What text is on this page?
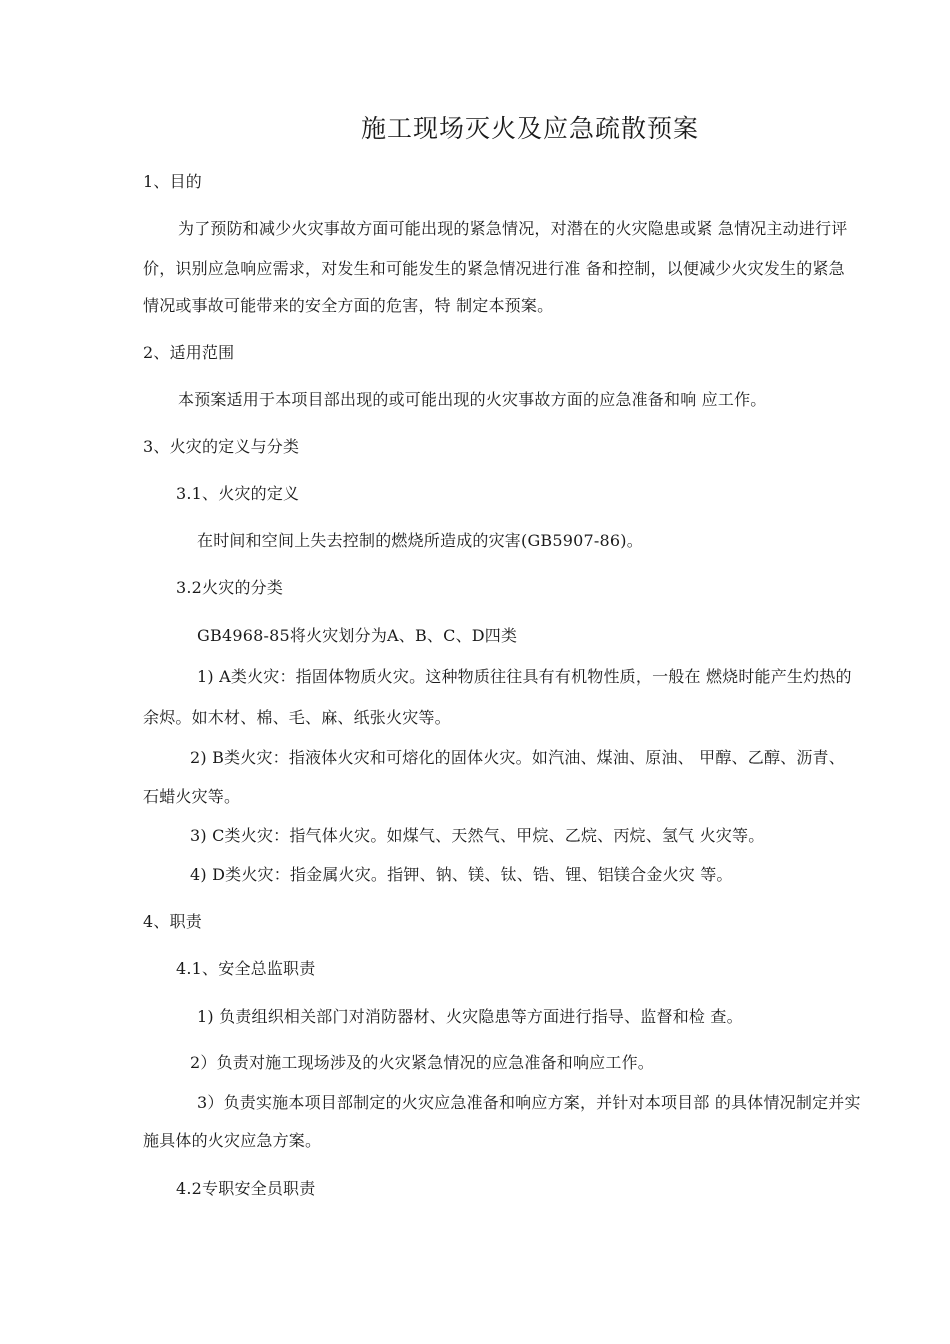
施工现场灭火及应急疏散预案
1、目的
为了预防和减少火灾事故方面可能出现的紧急情况，对潜在的火灾隐患或紧 急情况主动进行评
价，识别应急响应需求，对发生和可能发生的紧急情况进行准 备和控制，以便减少火灾发生的紧急
情况或事故可能带来的安全方面的危害，特 制定本预案。
2、适用范围
本预案适用于本项目部出现的或可能出现的火灾事故方面的应急准备和响 应工作。
3、火灾的定义与分类
3.1、火灾的定义
在时间和空间上失去控制的燃烧所造成的灾害(GB5907-86)。
3.2火灾的分类
GB4968-85将火灾划分为A、B、C、D四类
1) A类火灾：指固体物质火灾。这种物质往往具有有机物性质，一般在 燃烧时能产生灼热的
余烬。如木材、棉、毛、麻、纸张火灾等。
2) B类火灾：指液体火灾和可熔化的固体火灾。如汽油、煤油、原油、 甲醇、乙醇、沥青、
石蜡火灾等。
3) C类火灾：指气体火灾。如煤气、天然气、甲烷、乙烷、丙烷、氢气 火灾等。
4) D类火灾：指金属火灾。指钾、钠、镁、钛、锆、锂、铝镁合金火灾 等。
4、职责
4.1、安全总监职责
1) 负责组织相关部门对消防器材、火灾隐患等方面进行指导、监督和检 查。
2）负责对施工现场涉及的火灾紧急情况的应急准备和响应工作。
3）负责实施本项目部制定的火灾应急准备和响应方案，并针对本项目部 的具体情况制定并实
施具体的火灾应急方案。
4.2专职安全员职责
